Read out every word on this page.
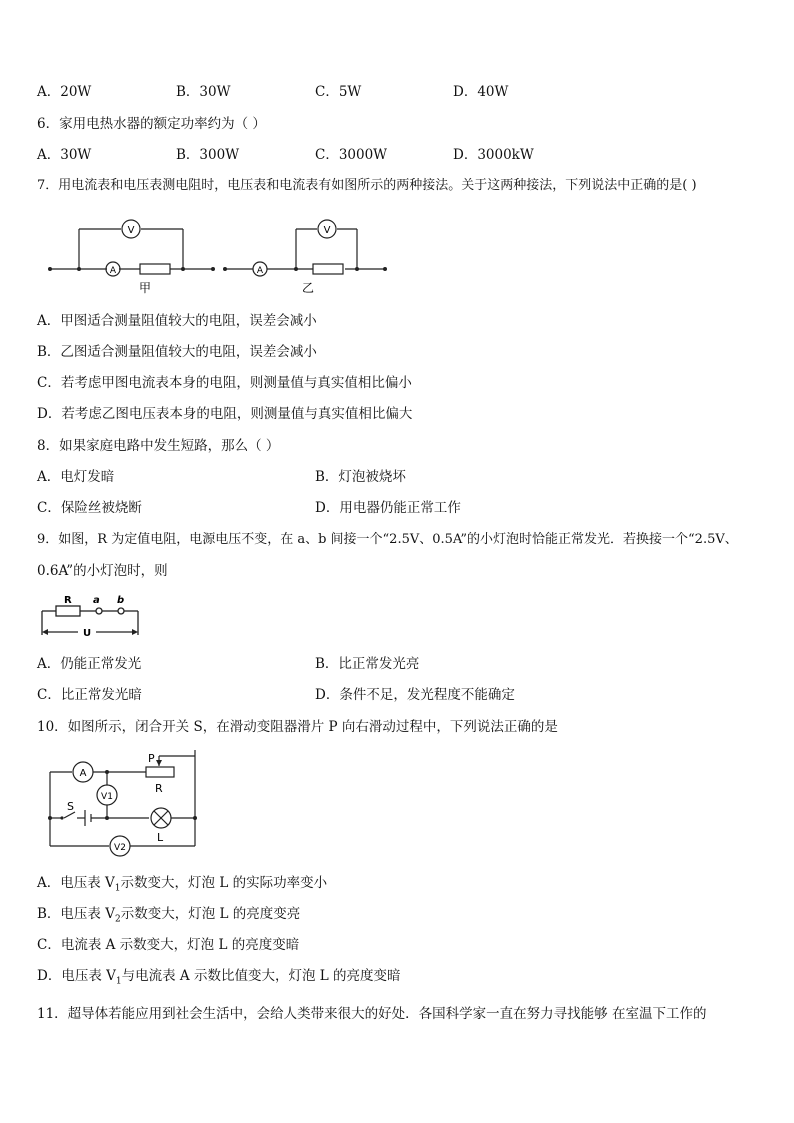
A．20W	B．30W	C．5W	D．40W
6．家用电热水器的额定功率约为（ ）
A．30W	B．300W	C．3000W	D．3000kW
7．用电流表和电压表测电阻时，电压表和电流表有如图所示的两种接法。关于这两种接法，下列说法中正确的是( )
V
A
V
A
甲	乙
A．甲图适合测量阻值较大的电阻，误差会减小
B．乙图适合测量阻值较大的电阻，误差会减小
C．若考虑甲图电流表本身的电阻，则测量值与真实值相比偏小
D．若考虑乙图电压表本身的电阻，则测量值与真实值相比偏大
8．如果家庭电路中发生短路，那么（ ）
A．电灯发暗	B．灯泡被烧坏
C．保险丝被烧断	D．用电器仍能正常工作
9．如图，R 为定值电阻，电源电压不变，在 a、b 间接一个“2.5V、0.5A”的小灯泡时恰能正常发光．若换接一个“2.5V、
0.6A”的小灯泡时，则
R a b
U
A．仍能正常发光	B．比正常发光亮
C．比正常发光暗	D．条件不足，发光程度不能确定
10．如图所示，闭合开关 S，在滑动变阻器滑片 P 向右滑动过程中，下列说法正确的是
A
P
R
S
V1
L
V2
A．电压表 $V_1$示数变大，灯泡 L 的实际功率变小
B．电压表 $V_2$示数变大，灯泡 L 的亮度变亮
C．电流表 A 示数变大，灯泡 L 的亮度变暗
D．电压表 $V_1$与电流表 A 示数比值变大，灯泡 L 的亮度变暗
11．超导体若能应用到社会生活中，会给人类带来很大的好处．各国科学家一直在努力寻找能够 在室温下工作的
